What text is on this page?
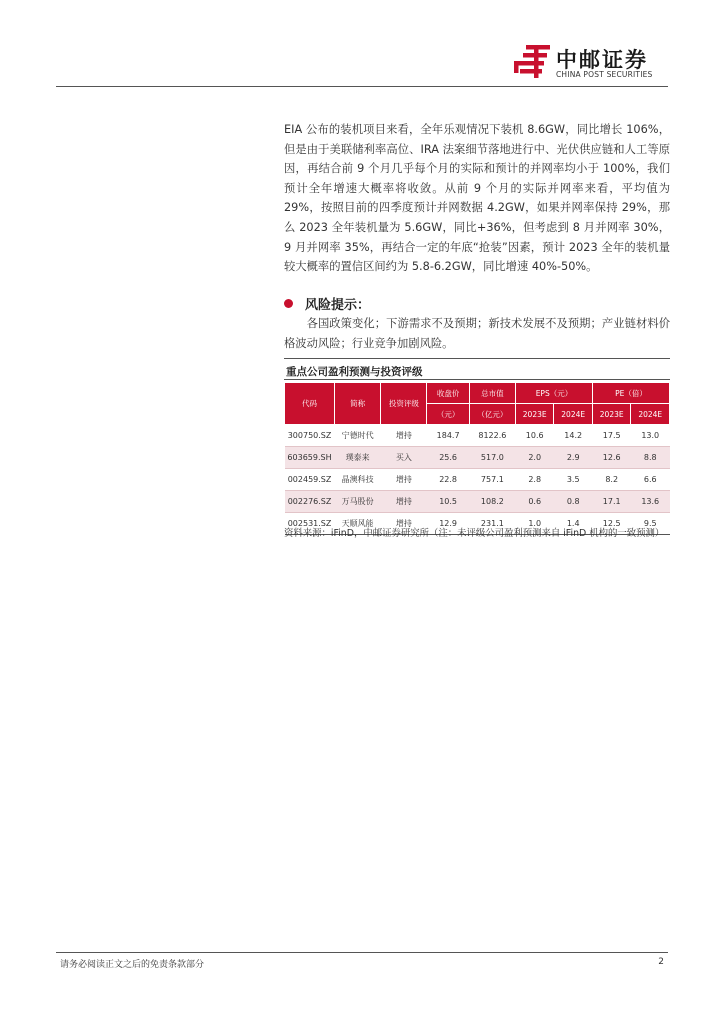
中邮证券
CHINA POST SECURITIES

EIA 公布的装机项目来看，全年乐观情况下装机 8.6GW，同比增长 106%，但是由于美联储利率高位、IRA 法案细节落地进行中、光伏供应链和人工等原因，再结合前 9 个月几乎每个月的实际和预计的并网率均小于 100%，我们预计全年增速大概率将收敛。从前 9 个月的实际并网率来看，平均值为 29%，按照目前的四季度预计并网数据 4.2GW，如果并网率保持 29%，那么 2023 全年装机量为 5.6GW，同比+36%，但考虑到 8 月并网率 30%，9 月并网率 35%，再结合一定的年底“抢装”因素，预计 2023 全年的装机量较大概率的置信区间约为 5.8-6.2GW，同比增速 40%-50%。

风险提示：
各国政策变化；下游需求不及预期；新技术发展不及预期；产业链材料价格波动风险；行业竞争加剧风险。
重点公司盈利预测与投资评级
代码	简称	投资评级	收盘价	总市值	EPS（元）		PE（倍）	
			（元）	（亿元）	2023E	2024E	2023E	2024E
300750.SZ	宁德时代	增持	184.7	8122.6	10.6	14.2	17.5	13.0
603659.SH	璞泰来	买入	25.6	517.0	2.0	2.9	12.6	8.8
002459.SZ	晶澳科技	增持	22.8	757.1	2.8	3.5	8.2	6.6
002276.SZ	万马股份	增持	10.5	108.2	0.6	0.8	17.1	13.6
002531.SZ	天顺风能	增持	12.9	231.1	1.0	1.4	12.5	9.5
资料来源：iFinD，中邮证券研究所（注：未评级公司盈利预测来自 iFinD 机构的一致预测）
请务必阅读正文之后的免责条款部分	2
